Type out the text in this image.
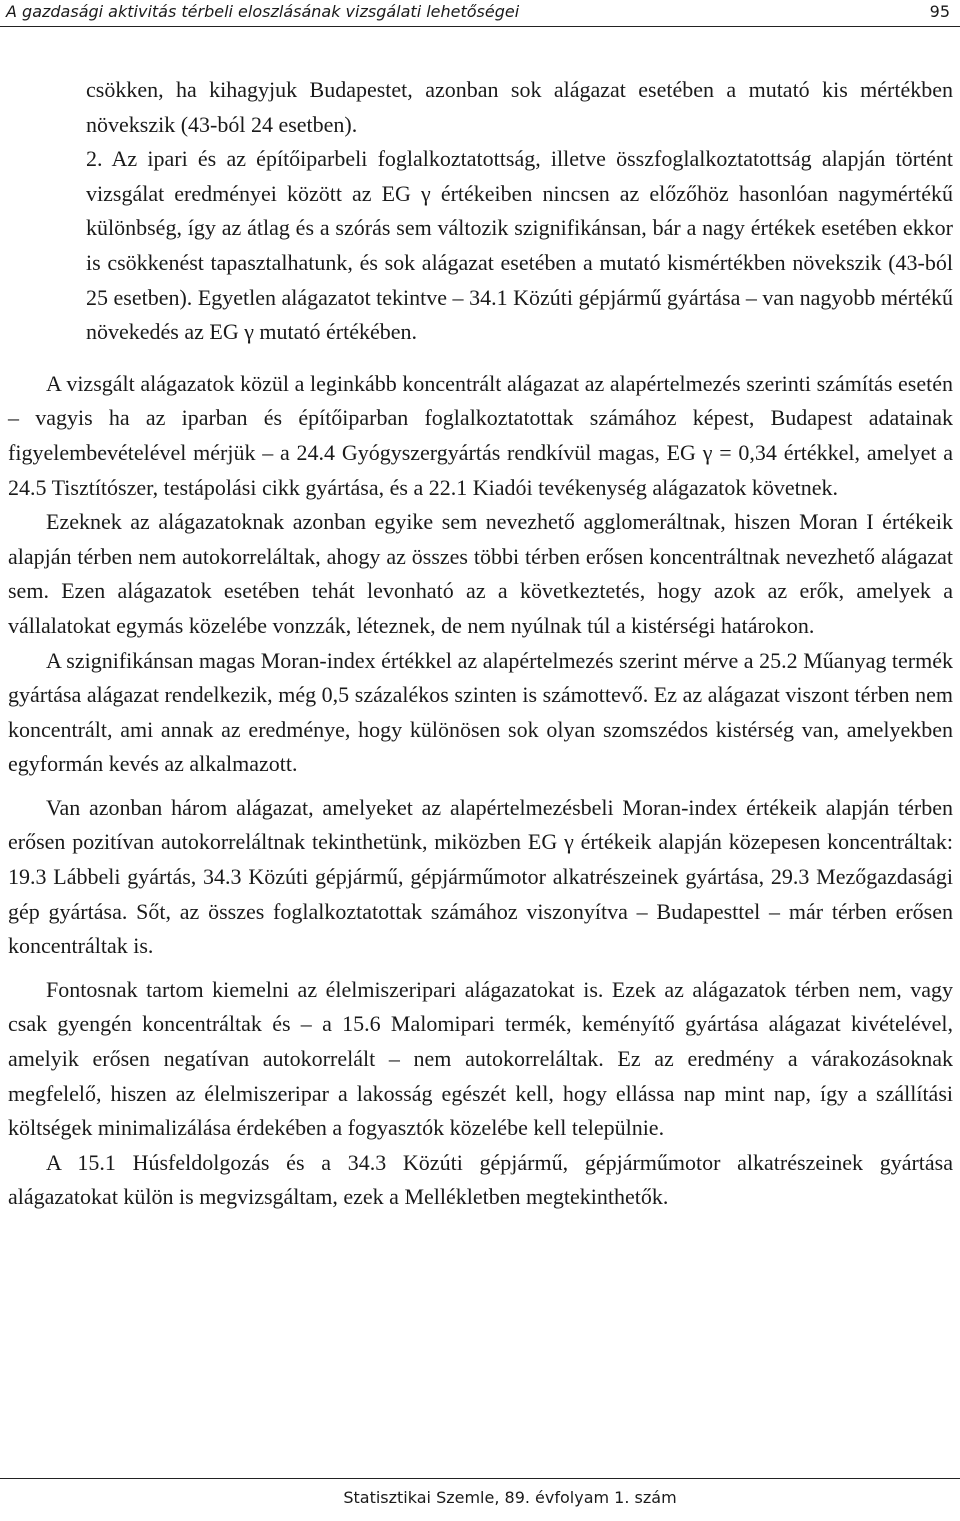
A gazdasági aktivitás térbeli eloszlásának vizsgálati lehetőségei	95

csökken, ha kihagyjuk Budapestet, azonban sok alágazat esetében a mutató kis mértékben növekszik (43-ból 24 esetben).

2. Az ipari és az építőiparbeli foglalkoztatottság, illetve összfoglalkoztatottság alapján történt vizsgálat eredményei között az EG γ értékeiben nincsen az előzőhöz hasonlóan nagymértékű különbség, így az átlag és a szórás sem változik szignifikánsan, bár a nagy értékek esetében ekkor is csökkenést tapasztalhatunk, és sok alágazat esetében a mutató kismértékben növekszik (43-ból 25 esetben). Egyetlen alágazatot tekintve – 34.1 Közúti gépjármű gyártása – van nagyobb mértékű növekedés az EG γ mutató értékében.

A vizsgált alágazatok közül a leginkább koncentrált alágazat az alapértelmezés szerinti számítás esetén – vagyis ha az iparban és építőiparban foglalkoztatottak számához képest, Budapest adatainak figyelembevételével mérjük – a 24.4 Gyógyszergyártás rendkívül magas, EG γ = 0,34 értékkel, amelyet a 24.5 Tisztítószer, testápolási cikk gyártása, és a 22.1 Kiadói tevékenység alágazatok követnek.

Ezeknek az alágazatoknak azonban egyike sem nevezhető agglomeráltnak, hiszen Moran I értékeik alapján térben nem autokorreláltak, ahogy az összes többi térben erősen koncentráltnak nevezhető alágazat sem. Ezen alágazatok esetében tehát levonható az a következtetés, hogy azok az erők, amelyek a vállalatokat egymás közelébe vonzzák, léteznek, de nem nyúlnak túl a kistérségi határokon.

A szignifikánsan magas Moran-index értékkel az alapértelmezés szerint mérve a 25.2 Műanyag termék gyártása alágazat rendelkezik, még 0,5 százalékos szinten is számottevő. Ez az alágazat viszont térben nem koncentrált, ami annak az eredménye, hogy különösen sok olyan szomszédos kistérség van, amelyekben egyformán kevés az alkalmazott.

Van azonban három alágazat, amelyeket az alapértelmezésbeli Moran-index értékeik alapján térben erősen pozitívan autokorreláltnak tekinthetünk, miközben EG γ értékeik alapján közepesen koncentráltak: 19.3 Lábbeli gyártás, 34.3 Közúti gépjármű, gépjárműmotor alkatrészeinek gyártása, 29.3 Mezőgazdasági gép gyártása. Sőt, az összes foglalkoztatottak számához viszonyítva – Budapesttel – már térben erősen koncentráltak is.

Fontosnak tartom kiemelni az élelmiszeripari alágazatokat is. Ezek az alágazatok térben nem, vagy csak gyengén koncentráltak és – a 15.6 Malomipari termék, keményítő gyártása alágazat kivételével, amelyik erősen negatívan autokorrelált – nem autokorreláltak. Ez az eredmény a várakozásoknak megfelelő, hiszen az élelmiszeripar a lakosság egészét kell, hogy ellássa nap mint nap, így a szállítási költségek minimalizálása érdekében a fogyasztók közelébe kell települnie.

A 15.1 Húsfeldolgozás és a 34.3 Közúti gépjármű, gépjárműmotor alkatrészeinek gyártása alágazatokat külön is megvizsgáltam, ezek a Mellékletben megtekinthetők.

Statisztikai Szemle, 89. évfolyam 1. szám
